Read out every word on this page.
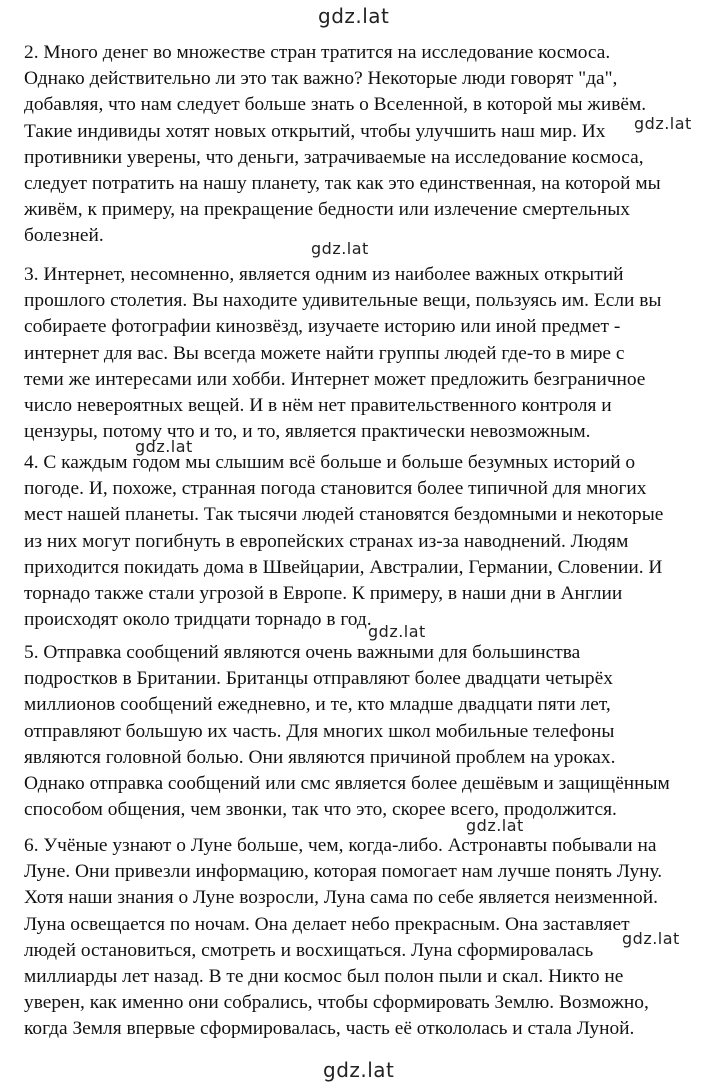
gdz.lat

2. Много денег во множестве стран тратится на исследование космоса.
Однако действительно ли это так важно? Некоторые люди говорят "да",
добавляя, что нам следует больше знать о Вселенной, в которой мы живём.
Такие индивиды хотят новых открытий, чтобы улучшить наш мир. Их
противники уверены, что деньги, затрачиваемые на исследование космоса,
следует потратить на нашу планету, так как это единственная, на которой мы
живём, к примеру, на прекращение бедности или излечение смертельных
болезней.

gdz.lat
gdz.lat

3. Интернет, несомненно, является одним из наиболее важных открытий
прошлого столетия. Вы находите удивительные вещи, пользуясь им. Если вы
собираете фотографии кинозвёзд, изучаете историю или иной предмет -
интернет для вас. Вы всегда можете найти группы людей где-то в мире с
теми же интересами или хобби. Интернет может предложить безграничное
число невероятных вещей. И в нём нет правительственного контроля и
цензуры, потому что и то, и то, является практически невозможным.

gdz.lat

4. С каждым годом мы слышим всё больше и больше безумных историй о
погоде. И, похоже, странная погода становится более типичной для многих
мест нашей планеты. Так тысячи людей становятся бездомными и некоторые
из них могут погибнуть в европейских странах из-за наводнений. Людям
приходится покидать дома в Швейцарии, Австралии, Германии, Словении. И
торнадо также стали угрозой в Европе. К примеру, в наши дни в Англии
происходят около тридцати торнадо в год.

gdz.lat

5. Отправка сообщений являются очень важными для большинства
подростков в Британии. Британцы отправляют более двадцати четырёх
миллионов сообщений ежедневно, и те, кто младше двадцати пяти лет,
отправляют большую их часть. Для многих школ мобильные телефоны
являются головной болью. Они являются причиной проблем на уроках.
Однако отправка сообщений или смс является более дешёвым и защищённым
способом общения, чем звонки, так что это, скорее всего, продолжится.

gdz.lat

6. Учёные узнают о Луне больше, чем, когда-либо. Астронавты побывали на
Луне. Они привезли информацию, которая помогает нам лучше понять Луну.
Хотя наши знания о Луне возросли, Луна сама по себе является неизменной.
Луна освещается по ночам. Она делает небо прекрасным. Она заставляет
людей остановиться, смотреть и восхищаться. Луна сформировалась
миллиарды лет назад. В те дни космос был полон пыли и скал. Никто не
уверен, как именно они собрались, чтобы сформировать Землю. Возможно,
когда Земля впервые сформировалась, часть её откололась и стала Луной.

gdz.lat
gdz.lat
